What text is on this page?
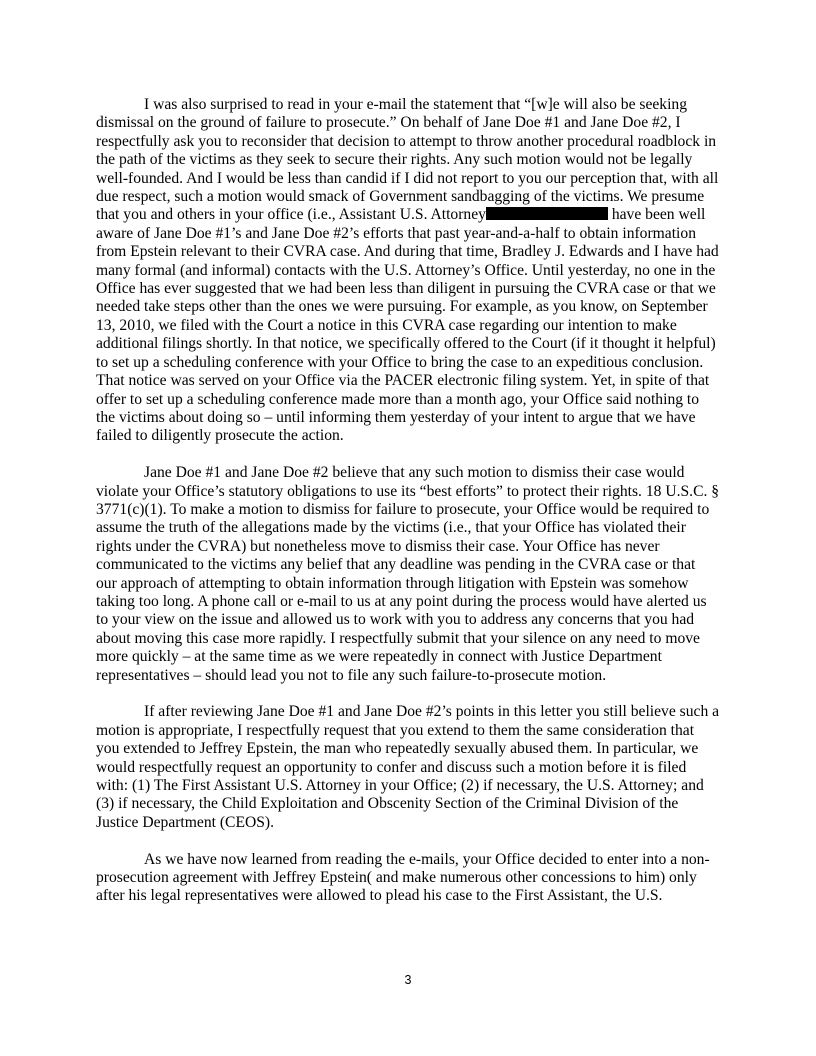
I was also surprised to read in your e-mail the statement that “[w]e will also be seeking dismissal on the ground of failure to prosecute.” On behalf of Jane Doe #1 and Jane Doe #2, I respectfully ask you to reconsider that decision to attempt to throw another procedural roadblock in the path of the victims as they seek to secure their rights. Any such motion would not be legally well-founded. And I would be less than candid if I did not report to you our perception that, with all due respect, such a motion would smack of Government sandbagging of the victims. We presume that you and others in your office (i.e., Assistant U.S. Attorney	have been well aware of Jane Doe #1’s and Jane Doe #2’s efforts that past year-and-a-half to obtain information from Epstein relevant to their CVRA case. And during that time, Bradley J. Edwards and I have had many formal (and informal) contacts with the U.S. Attorney’s Office. Until yesterday, no one in the Office has ever suggested that we had been less than diligent in pursuing the CVRA case or that we needed take steps other than the ones we were pursuing. For example, as you know, on September 13, 2010, we filed with the Court a notice in this CVRA case regarding our intention to make additional filings shortly. In that notice, we specifically offered to the Court (if it thought it helpful) to set up a scheduling conference with your Office to bring the case to an expeditious conclusion. That notice was served on your Office via the PACER electronic filing system. Yet, in spite of that offer to set up a scheduling conference made more than a month ago, your Office said nothing to the victims about doing so – until informing them yesterday of your intent to argue that we have failed to diligently prosecute the action.

Jane Doe #1 and Jane Doe #2 believe that any such motion to dismiss their case would violate your Office’s statutory obligations to use its “best efforts” to protect their rights. 18 U.S.C. § 3771(c)(1). To make a motion to dismiss for failure to prosecute, your Office would be required to assume the truth of the allegations made by the victims (i.e., that your Office has violated their rights under the CVRA) but nonetheless move to dismiss their case. Your Office has never communicated to the victims any belief that any deadline was pending in the CVRA case or that our approach of attempting to obtain information through litigation with Epstein was somehow taking too long. A phone call or e-mail to us at any point during the process would have alerted us to your view on the issue and allowed us to work with you to address any concerns that you had about moving this case more rapidly. I respectfully submit that your silence on any need to move more quickly – at the same time as we were repeatedly in connect with Justice Department representatives – should lead you not to file any such failure-to-prosecute motion.

If after reviewing Jane Doe #1 and Jane Doe #2’s points in this letter you still believe such a motion is appropriate, I respectfully request that you extend to them the same consideration that you extended to Jeffrey Epstein, the man who repeatedly sexually abused them. In particular, we would respectfully request an opportunity to confer and discuss such a motion before it is filed with: (1) The First Assistant U.S. Attorney in your Office; (2) if necessary, the U.S. Attorney; and (3) if necessary, the Child Exploitation and Obscenity Section of the Criminal Division of the Justice Department (CEOS).

As we have now learned from reading the e-mails, your Office decided to enter into a non-prosecution agreement with Jeffrey Epstein( and make numerous other concessions to him) only after his legal representatives were allowed to plead his case to the First Assistant, the U.S.

3
